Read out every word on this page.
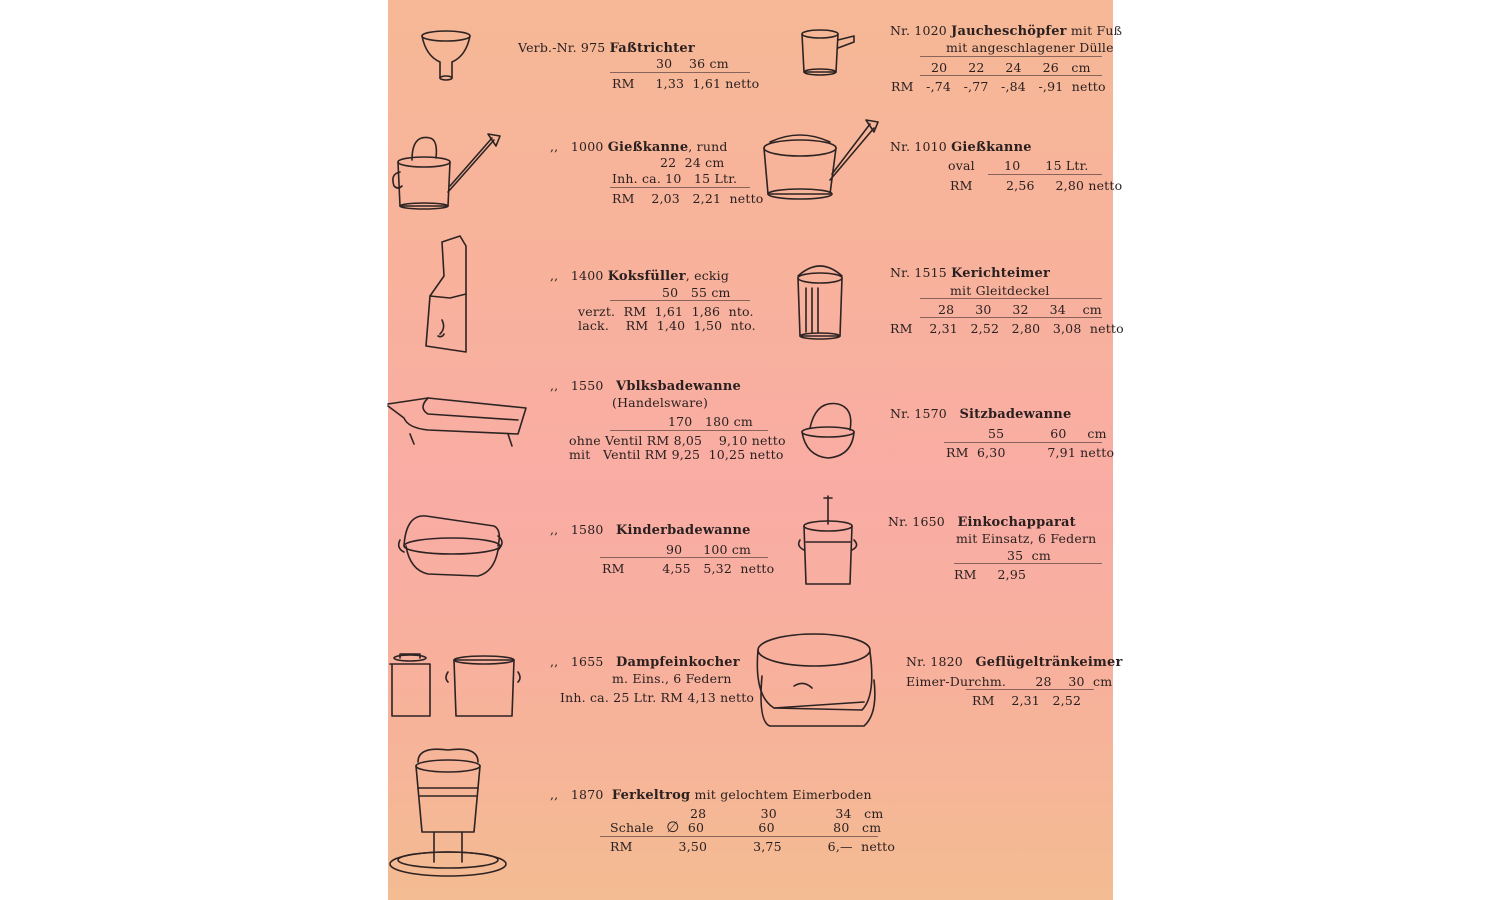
Verb.-Nr. 975 Faßtrichter
30 36 cm
RM 1,33 1,61 netto
,, 1000 Gießkanne, rund
22 24 cm
Inh. ca. 10 15 Ltr.
RM 2,03 2,21 netto
,, 1400 Koksfüller, eckig
50 55 cm
verzt. RM 1,61 1,86 nto.
lack. RM 1,40 1,50 nto.
,, 1550 Vblksbadewanne
(Handelsware)
170 180 cm
ohne Ventil RM 8,05 9,10 netto
mit Ventil RM 9,25 10,25 netto
,, 1580 Kinderbadewanne
90 100 cm
RM	4,55 5,32 netto
,, 1655 Dampfeinkocher
m. Eins., 6 Federn
Inh. ca. 25 Ltr. RM 4,13 netto
,, 1870 Ferkeltrog mit gelochtem Eimerboden
28	30	34 cm
Schale ∅ 60	60	80 cm
RM	3,50	3,75	6,— netto
Nr. 1020 Jaucheschöpfer mit Fuß
mit angeschlagener Dülle
20 22 24 26 cm
RM -,74 -,77 -,84 -,91 netto
Nr. 1010 Gießkanne
oval 10 15 Ltr.
RM	2,56 2,80 netto
Nr. 1515 Kerichteimer
mit Gleitdeckel
28 30 32 34 cm
RM 2,31 2,52 2,80 3,08 netto
Nr. 1570 Sitzbadewanne
55	60 cm
RM 6,30	7,91 netto
Nr. 1650 Einkochapparat
mit Einsatz, 6 Federn
35 cm
RM 2,95
Nr. 1820 Geflügeltränkeimer
Eimer-Durchm. 28 30 cm
RM 2,31 2,52
